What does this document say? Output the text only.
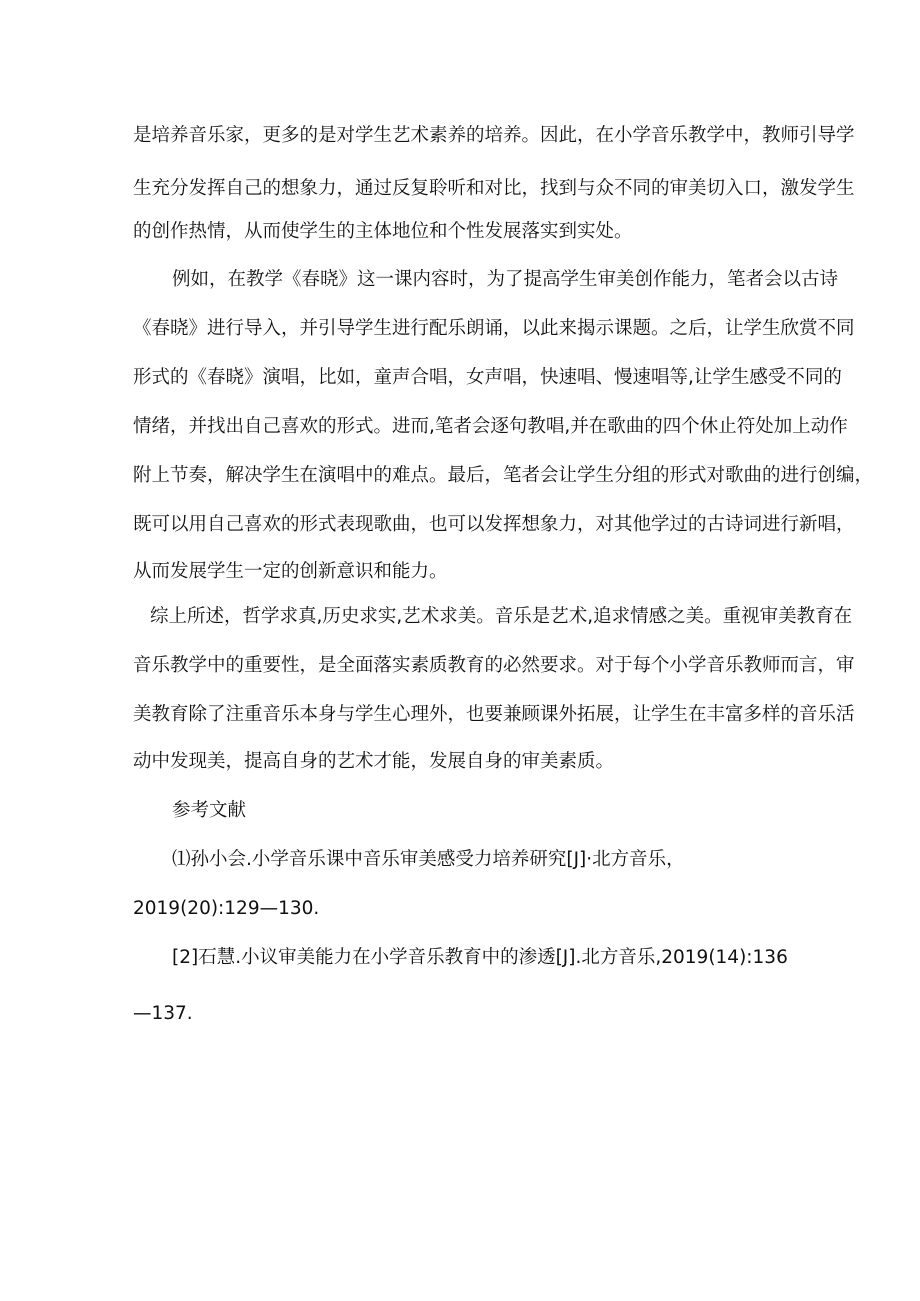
是培养音乐家，更多的是对学生艺术素养的培养。因此，在小学音乐教学中，教师引导学
生充分发挥自己的想象力，通过反复聆听和对比，找到与众不同的审美切入口，激发学生
的创作热情，从而使学生的主体地位和个性发展落实到实处。
例如，在教学《春晓》这一课内容时，为了提高学生审美创作能力，笔者会以古诗
《春晓》进行导入，并引导学生进行配乐朗诵，以此来揭示课题。之后，让学生欣赏不同
形式的《春晓》演唱，比如，童声合唱，女声唱，快速唱、慢速唱等,让学生感受不同的
情绪，并找出自己喜欢的形式。进而,笔者会逐句教唱,并在歌曲的四个休止符处加上动作
附上节奏，解决学生在演唱中的难点。最后，笔者会让学生分组的形式对歌曲的进行创编，
既可以用自己喜欢的形式表现歌曲，也可以发挥想象力，对其他学过的古诗词进行新唱，
从而发展学生一定的创新意识和能力。
综上所述，哲学求真,历史求实,艺术求美。音乐是艺术,追求情感之美。重视审美教育在
音乐教学中的重要性，是全面落实素质教育的必然要求。对于每个小学音乐教师而言，审
美教育除了注重音乐本身与学生心理外，也要兼顾课外拓展，让学生在丰富多样的音乐活
动中发现美，提高自身的艺术才能，发展自身的审美素质。
参考文献
⑴孙小会.小学音乐课中音乐审美感受力培养研究[J]·北方音乐，
2019(20):129—130.
[2]石慧.小议审美能力在小学音乐教育中的渗透[J].北方音乐,2019(14):136
—137.
